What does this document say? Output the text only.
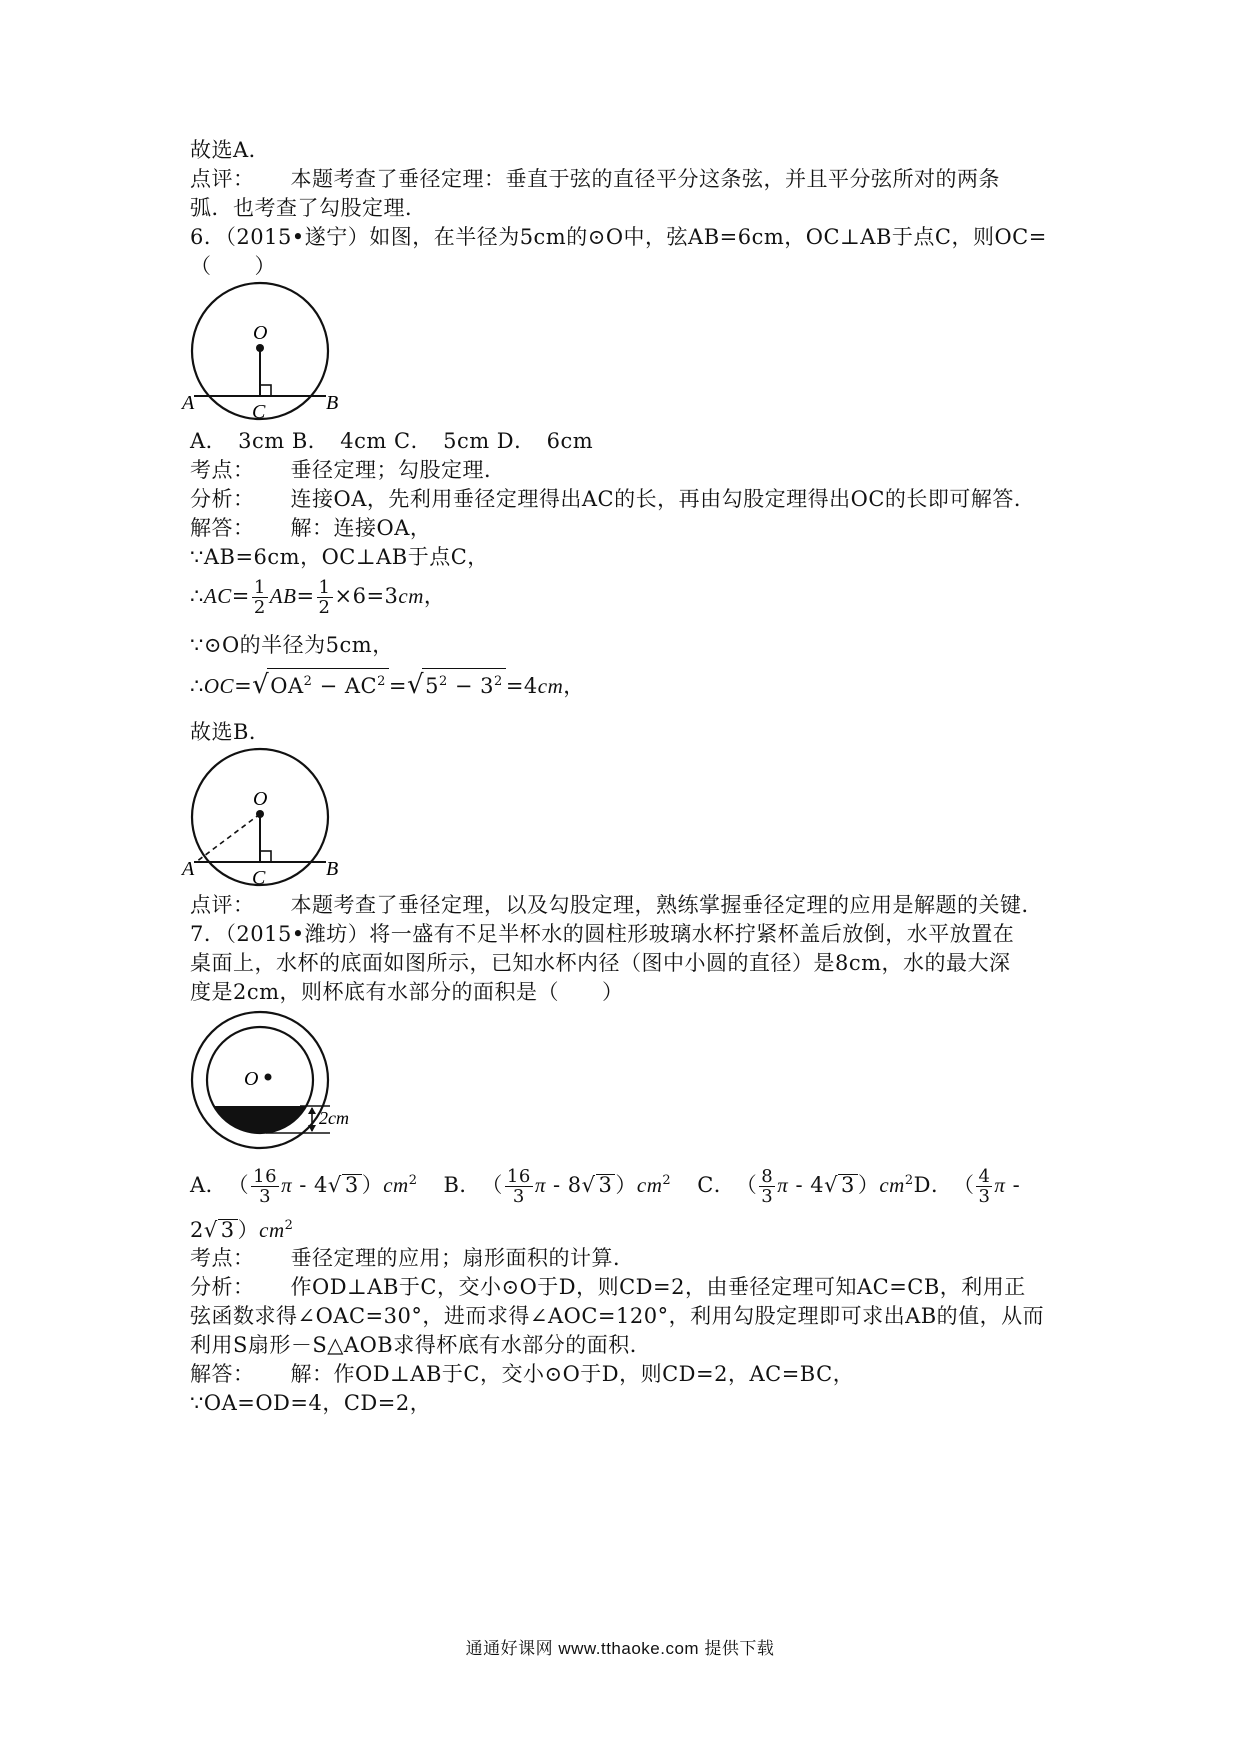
故选A．
点评： 本题考查了垂径定理：垂直于弦的直径平分这条弦，并且平分弦所对的两条
弧．也考查了勾股定理．
6．（2015•遂宁）如图，在半径为5cm的⊙O中，弦AB=6cm，OC⊥AB于点C，则OC=
（　　）
O
A	B
C
A．　3cm B．　4cm C．　5cm D．　6cm
考点： 垂径定理；勾股定理．
分析： 连接OA，先利用垂径定理得出AC的长，再由勾股定理得出OC的长即可解答．
解答： 解：连接OA，
∵AB=6cm，OC⊥AB于点C，
∴AC= $\frac{1}{2} AB= \frac{1}{2} \times 6=3cm$，
∵⊙O的半径为5cm，
$\therefore OC=√OA^2 - AC^2 =√5^2 - 3^2 =4cm$，
故选B．
O
A	B
C
点评： 本题考查了垂径定理，以及勾股定理，熟练掌握垂径定理的应用是解题的关键．
7．（2015•潍坊）将一盛有不足半杯水的圆柱形玻璃水杯拧紧杯盖后放倒，水平放置在
桌面上，水杯的底面如图所示，已知水杯内径（图中小圆的直径）是8cm，水的最大深
度是2cm，则杯底有水部分的面积是（　　）
O
2cm
A．　（ $\frac{16}{3}$ π - 4√ 3 ）$cm^2$ B．　（ $\frac{16}{3}$ π - 8√ 3 ）$cm^2$ C．　（ $\frac{8}{3}$ π - 4√ 3 ）$cm^2D$．　（ $\frac{4}{3}$ π -
2√ 3 ）$cm^2$
考点： 垂径定理的应用；扇形面积的计算．
分析： 作OD⊥AB于C，交小⊙O于D，则CD=2，由垂径定理可知AC=CB，利用正
弦函数求得∠OAC=30°，进而求得∠AOC=120°，利用勾股定理即可求出AB的值，从而
利用S扇形－S△AOB求得杯底有水部分的面积．
解答： 解：作OD⊥AB于C，交小⊙O于D，则CD=2，AC=BC，
∵OA=OD=4，CD=2，
通通好课网 www.tthaoke.com 提供下载
